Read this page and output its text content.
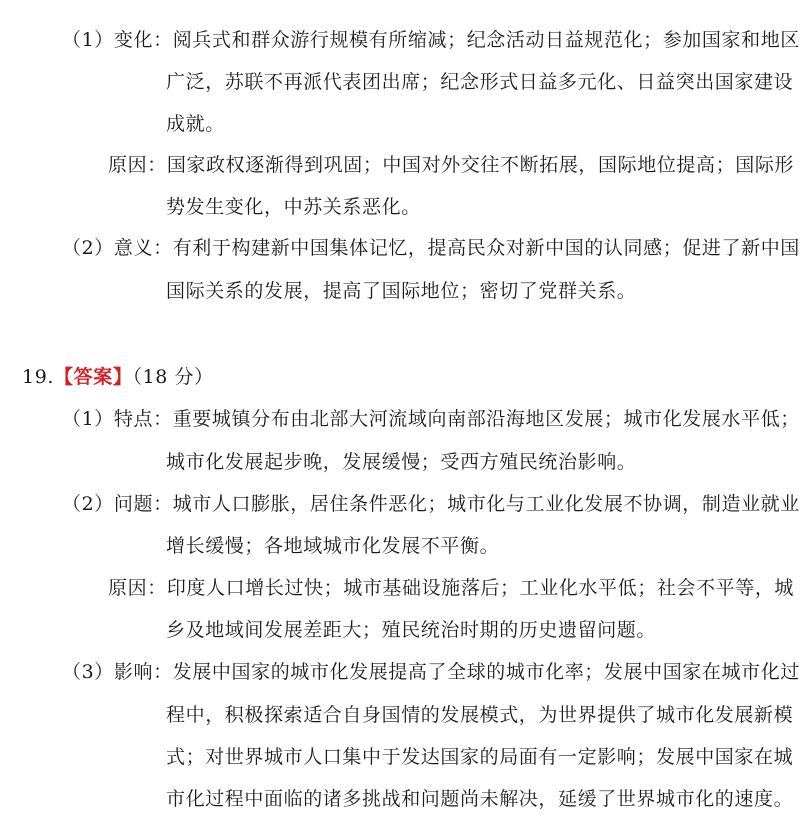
（1）变化：阅兵式和群众游行规模有所缩减；纪念活动日益规范化；参加国家和地区
广泛，苏联不再派代表团出席；纪念形式日益多元化、日益突出国家建设
成就。
原因：国家政权逐渐得到巩固；中国对外交往不断拓展，国际地位提高；国际形
势发生变化，中苏关系恶化。
（2）意义：有利于构建新中国集体记忆，提高民众对新中国的认同感；促进了新中国
国际关系的发展，提高了国际地位；密切了党群关系。
19.【答案】（18 分）
（1）特点：重要城镇分布由北部大河流域向南部沿海地区发展；城市化发展水平低；
城市化发展起步晚，发展缓慢；受西方殖民统治影响。
（2）问题：城市人口膨胀，居住条件恶化；城市化与工业化发展不协调，制造业就业
增长缓慢；各地域城市化发展不平衡。
原因：印度人口增长过快；城市基础设施落后；工业化水平低；社会不平等，城
乡及地域间发展差距大；殖民统治时期的历史遗留问题。
（3）影响：发展中国家的城市化发展提高了全球的城市化率；发展中国家在城市化过
程中，积极探索适合自身国情的发展模式，为世界提供了城市化发展新模
式；对世界城市人口集中于发达国家的局面有一定影响；发展中国家在城
市化过程中面临的诸多挑战和问题尚未解决，延缓了世界城市化的速度。
